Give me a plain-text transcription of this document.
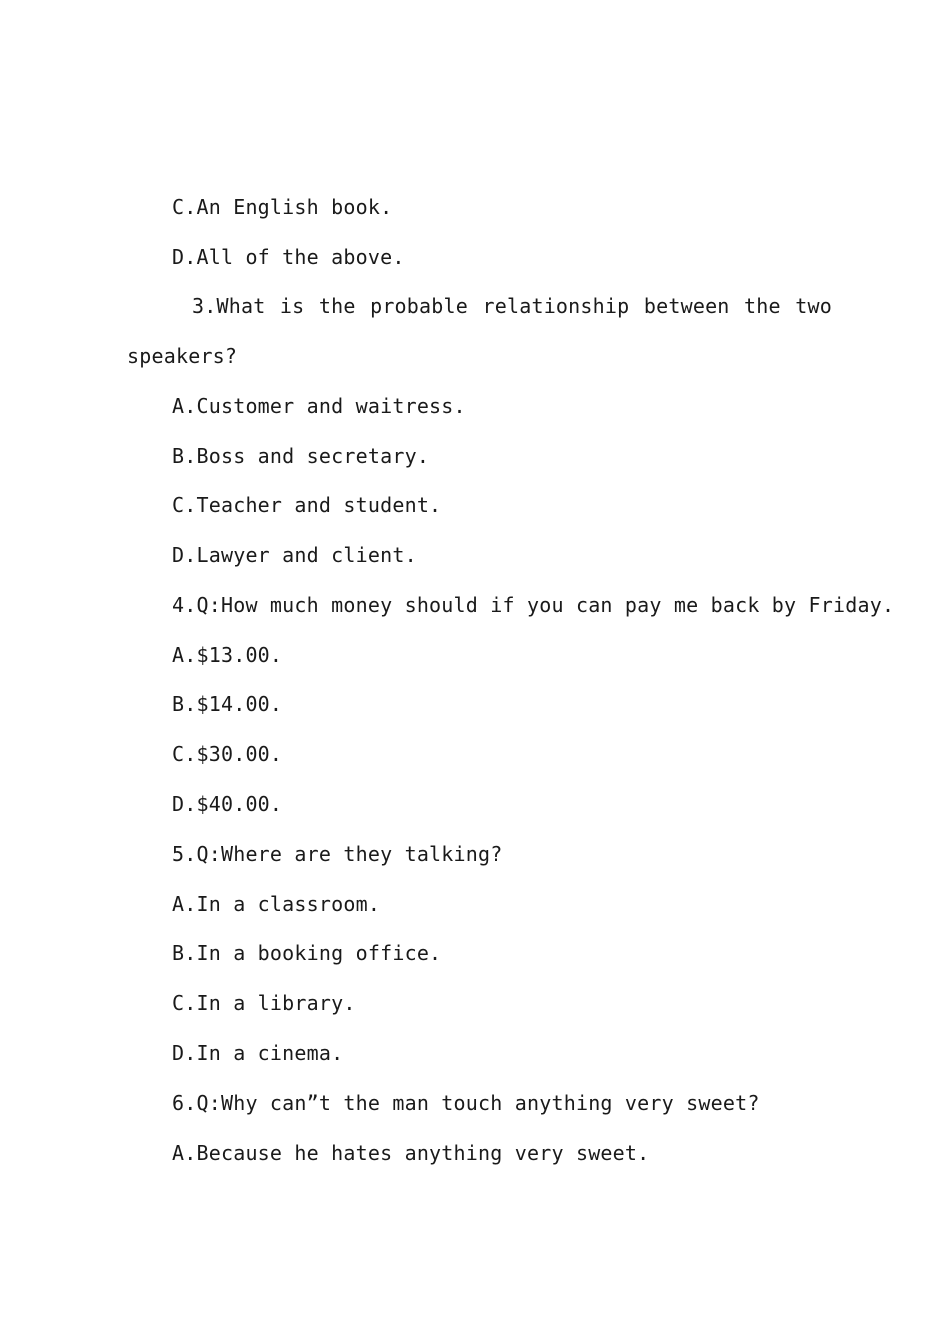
C.An English book.
D.All of the above.
3.What is the probable relationship between the two
speakers?
A.Customer and waitress.
B.Boss and secretary.
C.Teacher and student.
D.Lawyer and client.
4.Q:How much money should if you can pay me back by Friday.
A.$13.00.
B.$14.00.
C.$30.00.
D.$40.00.
5.Q:Where are they talking?
A.In a classroom.
B.In a booking office.
C.In a library.
D.In a cinema.
6.Q:Why can”t the man touch anything very sweet?
A.Because he hates anything very sweet.
